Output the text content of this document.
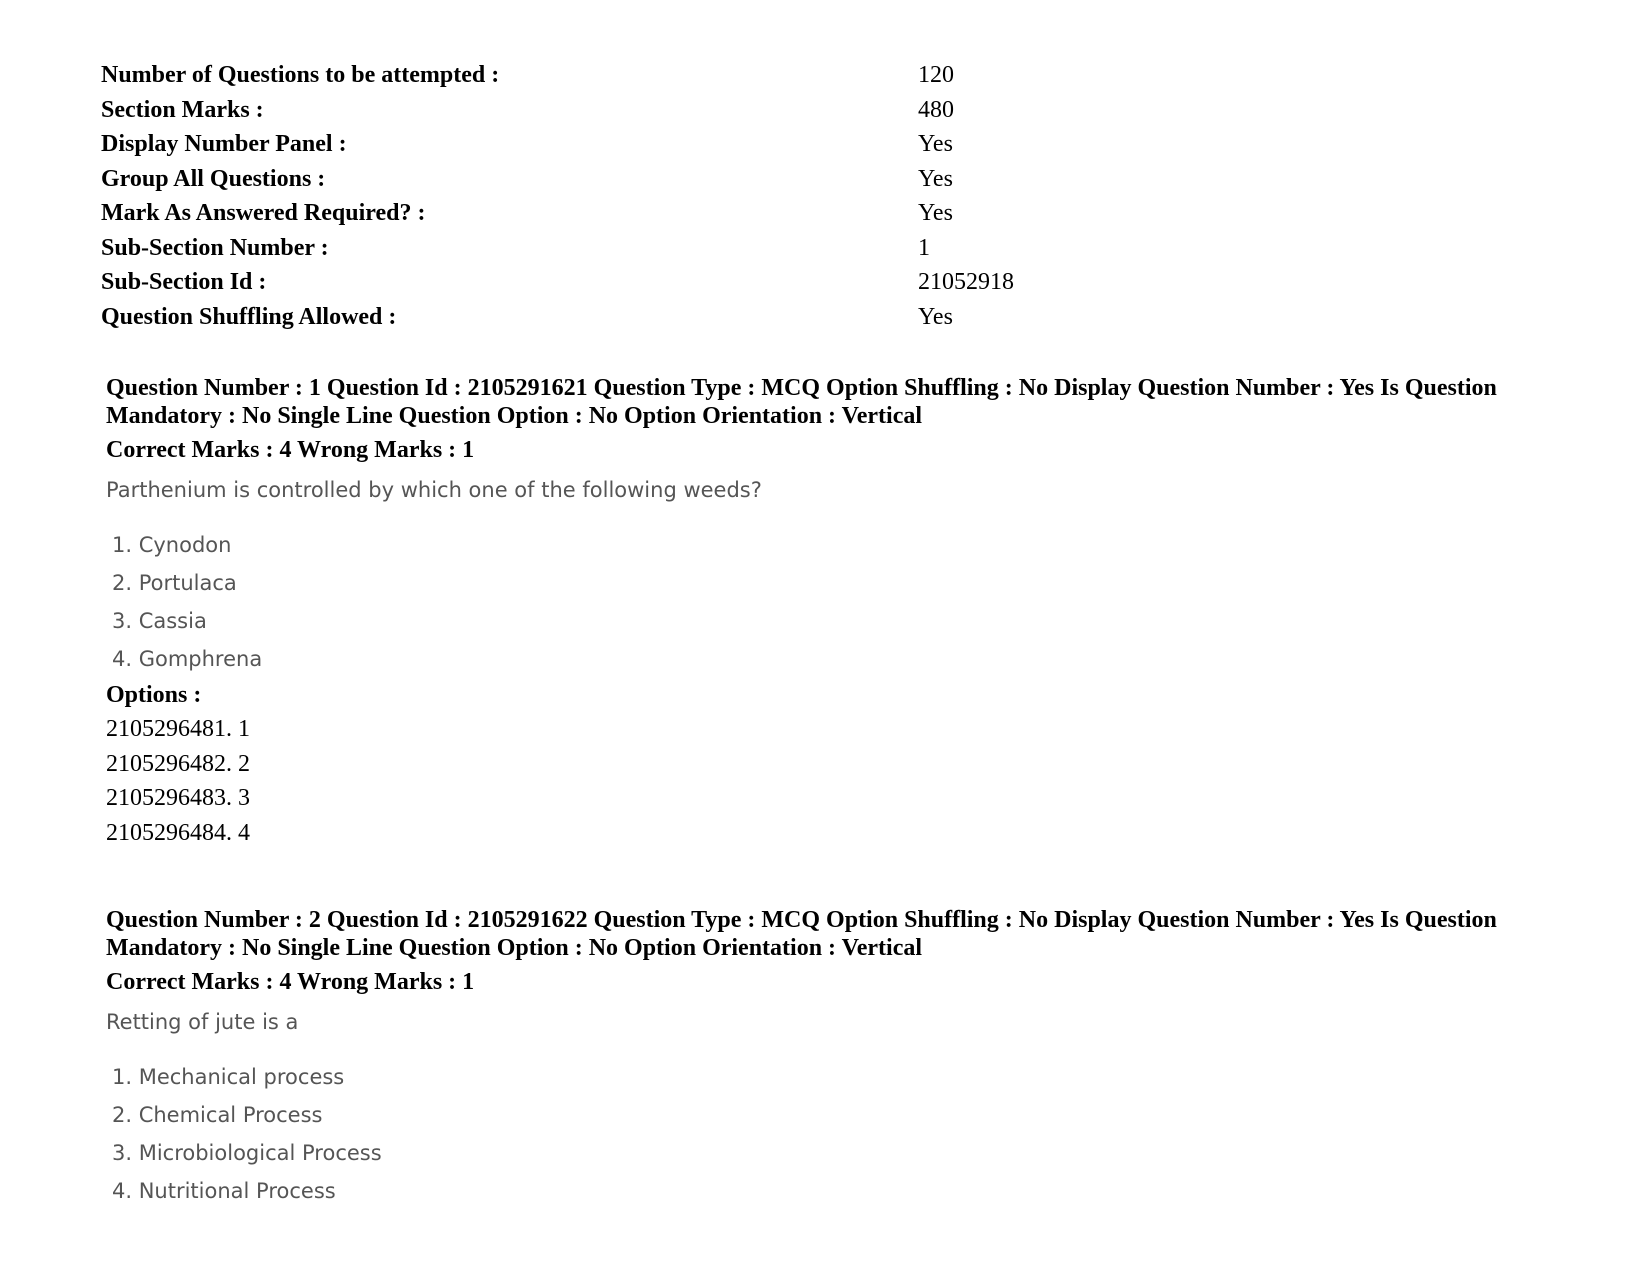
Number of Questions to be attempted :	120
Section Marks :	480
Display Number Panel :	Yes
Group All Questions :	Yes
Mark As Answered Required? :	Yes
Sub-Section Number :	1
Sub-Section Id :	21052918
Question Shuffling Allowed :	Yes
Question Number : 1 Question Id : 2105291621 Question Type : MCQ Option Shuffling : No Display Question Number : Yes Is Question
Mandatory : No Single Line Question Option : No Option Orientation : Vertical
Correct Marks : 4 Wrong Marks : 1
Parthenium is controlled by which one of the following weeds?
1. Cynodon
2. Portulaca
3. Cassia
4. Gomphrena
Options :
2105296481. 1
2105296482. 2
2105296483. 3
2105296484. 4
Question Number : 2 Question Id : 2105291622 Question Type : MCQ Option Shuffling : No Display Question Number : Yes Is Question
Mandatory : No Single Line Question Option : No Option Orientation : Vertical
Correct Marks : 4 Wrong Marks : 1
Retting of jute is a
1. Mechanical process
2. Chemical Process
3. Microbiological Process
4. Nutritional Process
